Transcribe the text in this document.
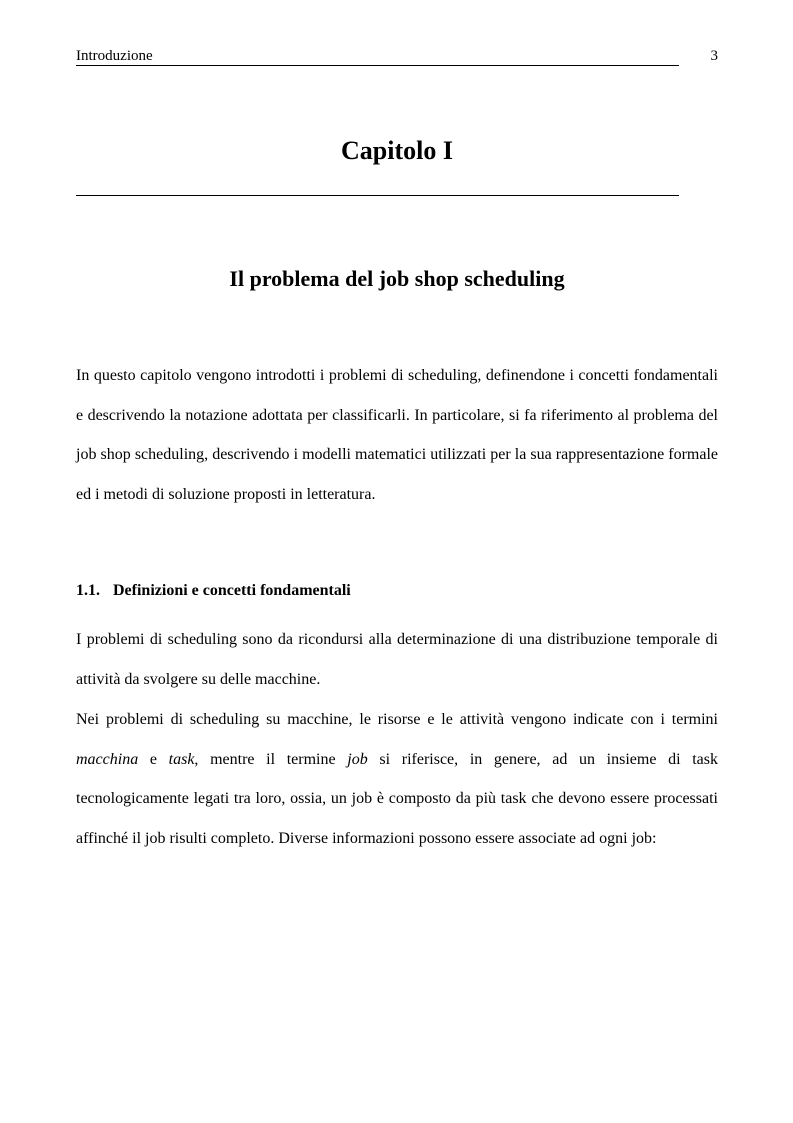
Introduzione	3
Capitolo I
Il problema del job shop scheduling

In questo capitolo vengono introdotti i problemi di scheduling, definendone i concetti fondamentali e descrivendo la notazione adottata per classificarli. In particolare, si fa riferimento al problema del job shop scheduling, descrivendo i modelli matematici utilizzati per la sua rappresentazione formale ed i metodi di soluzione proposti in letteratura.

1.1. Definizioni e concetti fondamentali

I problemi di scheduling sono da ricondursi alla determinazione di una distribuzione temporale di attività da svolgere su delle macchine.

Nei problemi di scheduling su macchine, le risorse e le attività vengono indicate con i termini macchina e task, mentre il termine job si riferisce, in genere, ad un insieme di task tecnologicamente legati tra loro, ossia, un job è composto da più task che devono essere processati affinché il job risulti completo. Diverse informazioni possono essere associate ad ogni job:
